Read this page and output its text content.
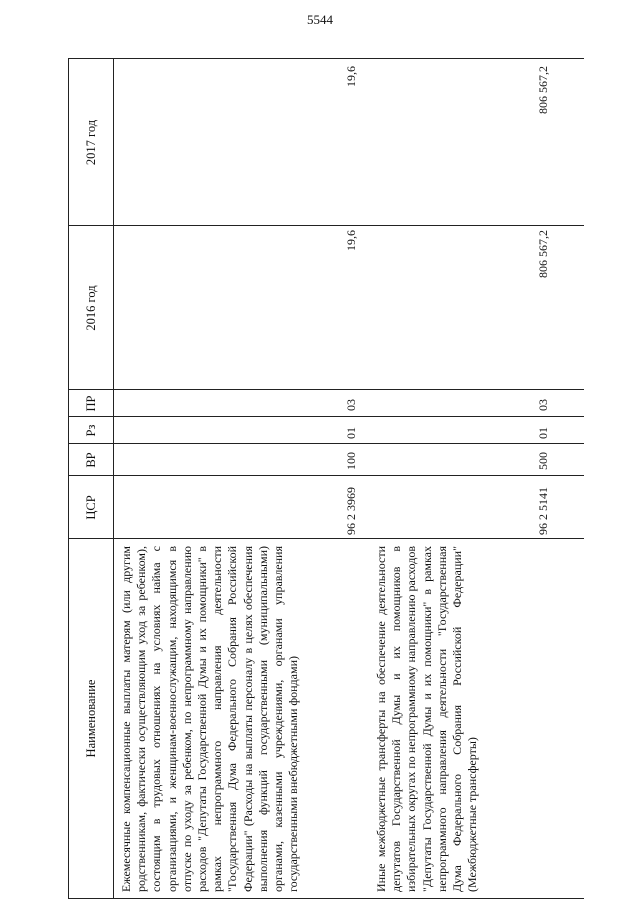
5544
Наименование
ЦСР
ВР
Рз
ПР
2016 год
2017 год
Ежемесячные компенсационные выплаты матерям (или другим родственникам, фактически осуществляющим уход за ребенком), состоящим в трудовых отношениях на условиях найма с организациями, и женщинам-военнослужащим, находящимся в отпуске по уходу за ребенком, по непрограммному направлению расходов "Депутаты Государственной Думы и их помощники" в рамках непрограммного направления деятельности "Государственная Дума Федерального Собрания Российской Федерации" (Расходы на выплаты персоналу в целях обеспечения выполнения функций государственными (муниципальными) органами, казенными учреждениями, органами управления государственными внебюджетными фондами)
96 2 3969
100
01
03
19,6
19,6
Иные межбюджетные трансферты на обеспечение деятельности депутатов Государственной Думы и их помощников в избирательных округах по непрограммному направлению расходов "Депутаты Государственной Думы и их помощники" в рамках непрограммного направления деятельности "Государственная Дума Федерального Собрания Российской Федерации" (Межбюджетные трансферты)
96 2 5141
500
01
03
806 567,2
806 567,2
